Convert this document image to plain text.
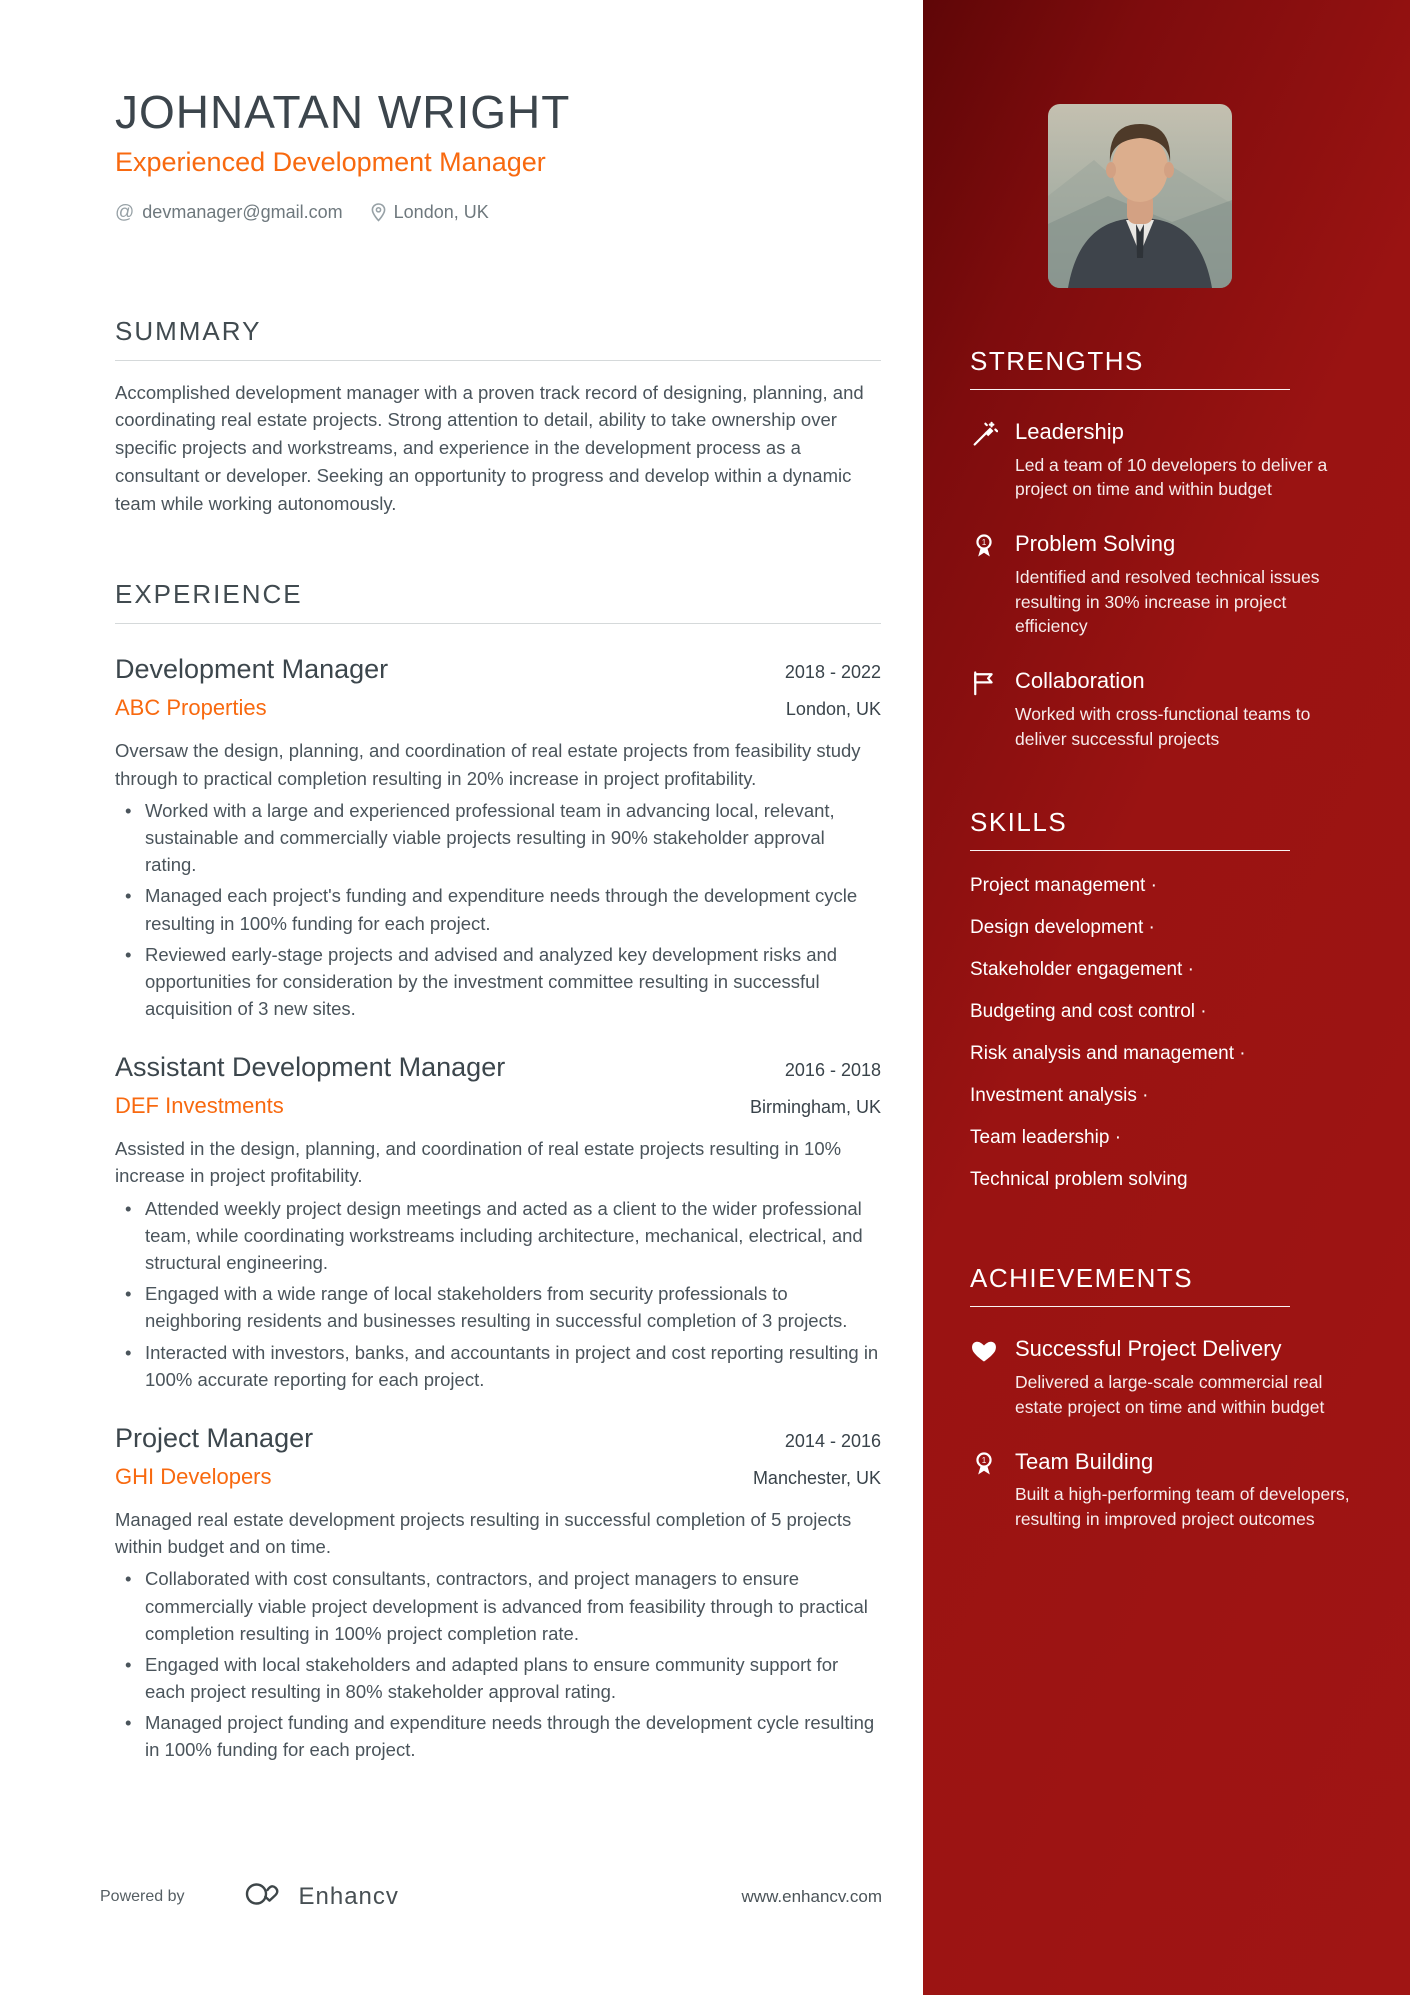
JOHNATAN WRIGHT
Experienced Development Manager
@ devmanager@gmail.com	London, UK
SUMMARY

Accomplished development manager with a proven track record of designing, planning, and coordinating real estate projects. Strong attention to detail, ability to take ownership over specific projects and workstreams, and experience in the development process as a consultant or developer. Seeking an opportunity to progress and develop within a dynamic team while working autonomously.

EXPERIENCE
Development Manager	2018 - 2022
ABC Properties	London, UK

Oversaw the design, planning, and coordination of real estate projects from feasibility study through to practical completion resulting in 20% increase in project profitability.

• Worked with a large and experienced professional team in advancing local, relevant, sustainable and commercially viable projects resulting in 90% stakeholder approval rating.
• Managed each project's funding and expenditure needs through the development cycle resulting in 100% funding for each project.
• Reviewed early-stage projects and advised and analyzed key development risks and opportunities for consideration by the investment committee resulting in successful acquisition of 3 new sites.
Assistant Development Manager	2016 - 2018
DEF Investments	Birmingham, UK

Assisted in the design, planning, and coordination of real estate projects resulting in 10% increase in project profitability.

• Attended weekly project design meetings and acted as a client to the wider professional team, while coordinating workstreams including architecture, mechanical, electrical, and structural engineering.
• Engaged with a wide range of local stakeholders from security professionals to neighboring residents and businesses resulting in successful completion of 3 projects.
• Interacted with investors, banks, and accountants in project and cost reporting resulting in 100% accurate reporting for each project.
Project Manager	2014 - 2016
GHI Developers	Manchester, UK

Managed real estate development projects resulting in successful completion of 5 projects within budget and on time.

• Collaborated with cost consultants, contractors, and project managers to ensure commercially viable project development is advanced from feasibility through to practical completion resulting in 100% project completion rate.
• Engaged with local stakeholders and adapted plans to ensure community support for each project resulting in 80% stakeholder approval rating.
• Managed project funding and expenditure needs through the development cycle resulting in 100% funding for each project.
STRENGTHS
Leadership
Led a team of 10 developers to deliver a project on time and within budget
1 Problem Solving
Identified and resolved technical issues resulting in 30% increase in project efficiency
Collaboration
Worked with cross-functional teams to deliver successful projects
SKILLS
Project management ·
Design development ·
Stakeholder engagement ·
Budgeting and cost control ·
Risk analysis and management ·
Investment analysis ·
Team leadership ·
Technical problem solving
ACHIEVEMENTS
Successful Project Delivery
Delivered a large-scale commercial real estate project on time and within budget
1 Team Building
Built a high-performing team of developers, resulting in improved project outcomes
Powered by	Enhancv	www.enhancv.com
